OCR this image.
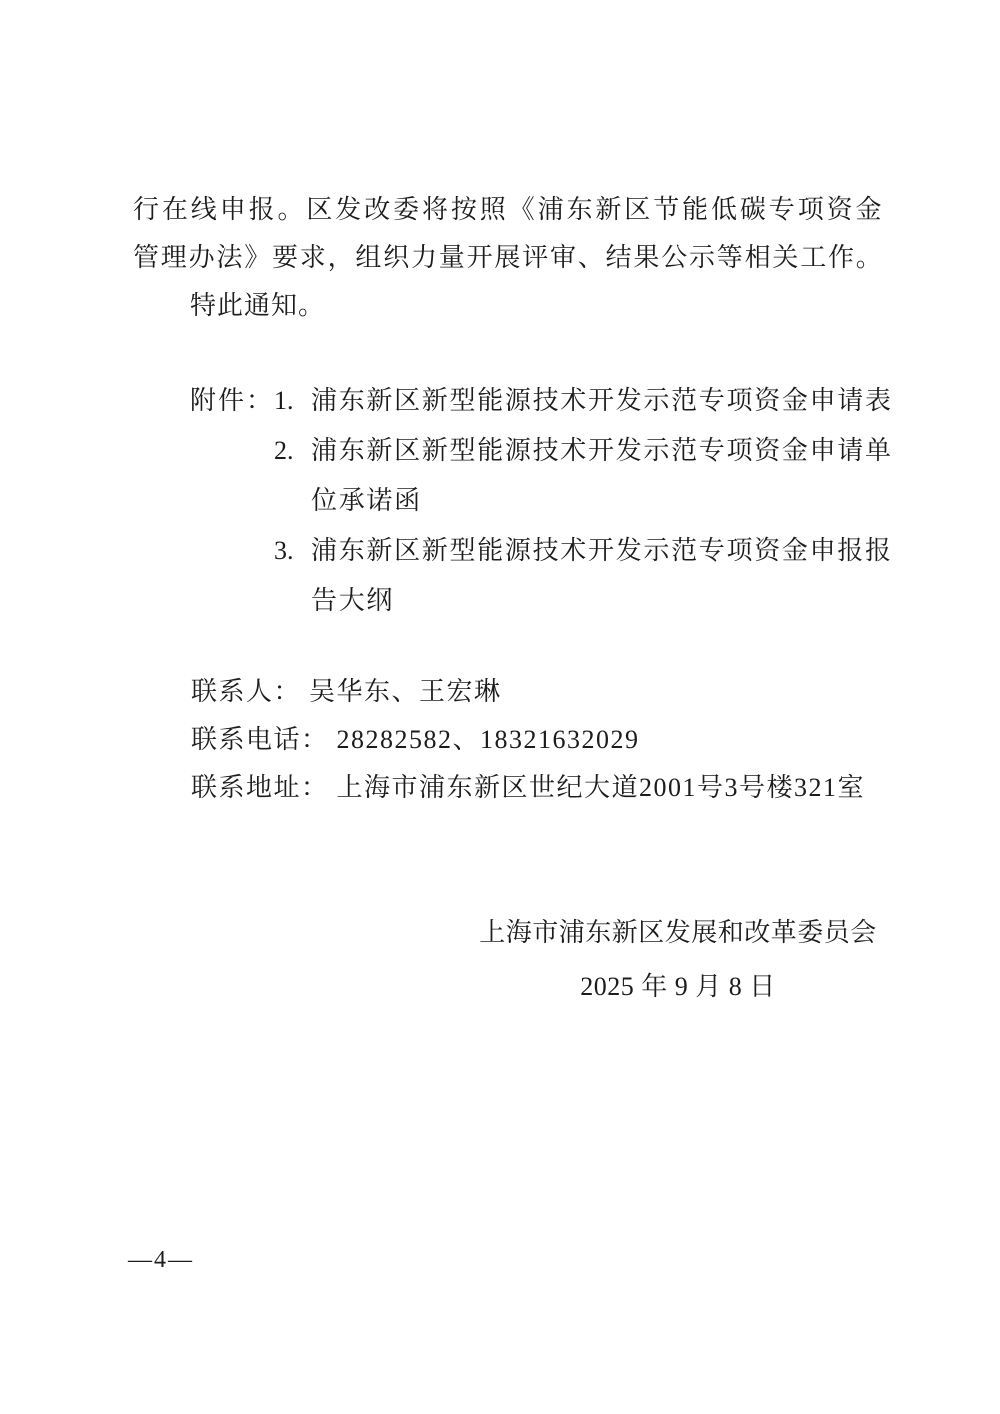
行在线申报。区发改委将按照《浦东新区节能低碳专项资金
管理办法》要求，组织力量开展评审、结果公示等相关工作。
特此通知。
附件： 1. 浦东新区新型能源技术开发示范专项资金申请表
2. 浦东新区新型能源技术开发示范专项资金申请单位承诺函
3. 浦东新区新型能源技术开发示范专项资金申报报告大纲
联系人： 吴华东、王宏琳
联系电话： 28282582、18321632029
联系地址： 上海市浦东新区世纪大道2001号3号楼321室
上海市浦东新区发展和改革委员会
2025 年 9 月 8 日
—4—
